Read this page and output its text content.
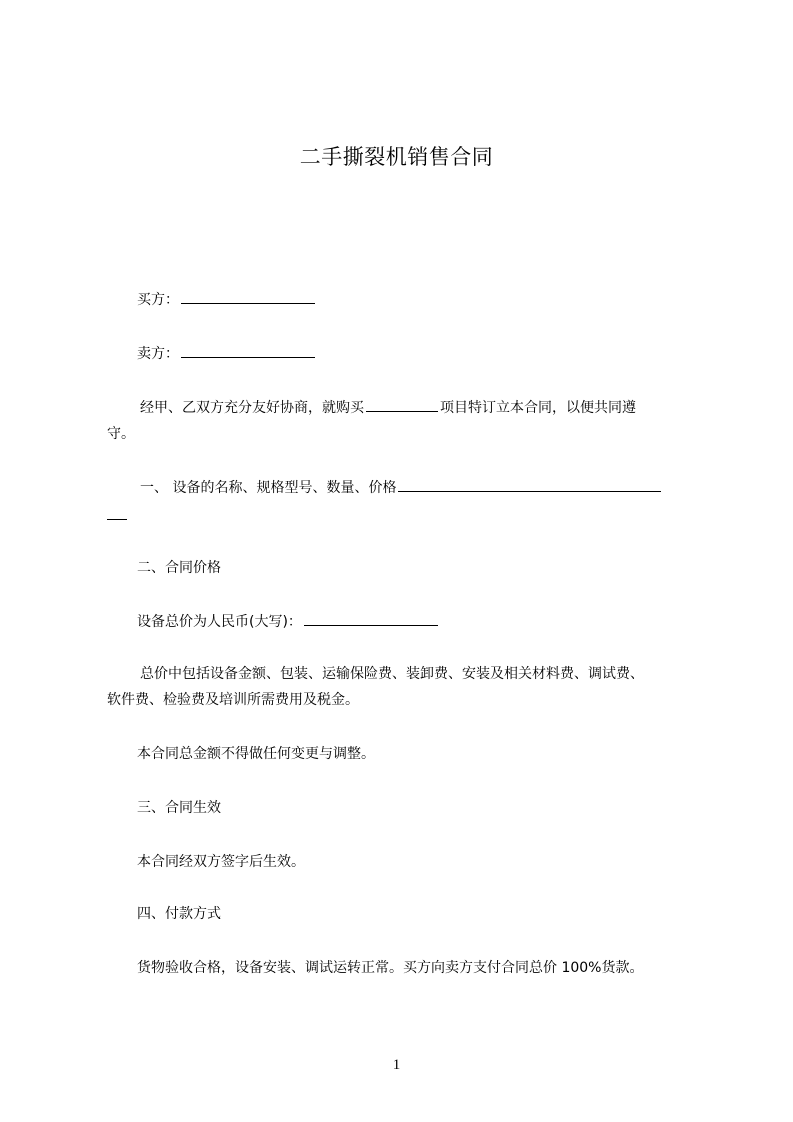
二手撕裂机销售合同
买方：
卖方：
经甲、乙双方充分友好协商，就购买	项目特订立本合同，以便共同遵
守。
一、 设备的名称、规格型号、数量、价格
二、合同价格
设备总价为人民币(大写)：
总价中包括设备金额、包装、运输保险费、装卸费、安装及相关材料费、调试费、
软件费、检验费及培训所需费用及税金。
本合同总金额不得做任何变更与调整。
三、合同生效
本合同经双方签字后生效。
四、付款方式
货物验收合格，设备安装、调试运转正常。买方向卖方支付合同总价 100%货款。
1
